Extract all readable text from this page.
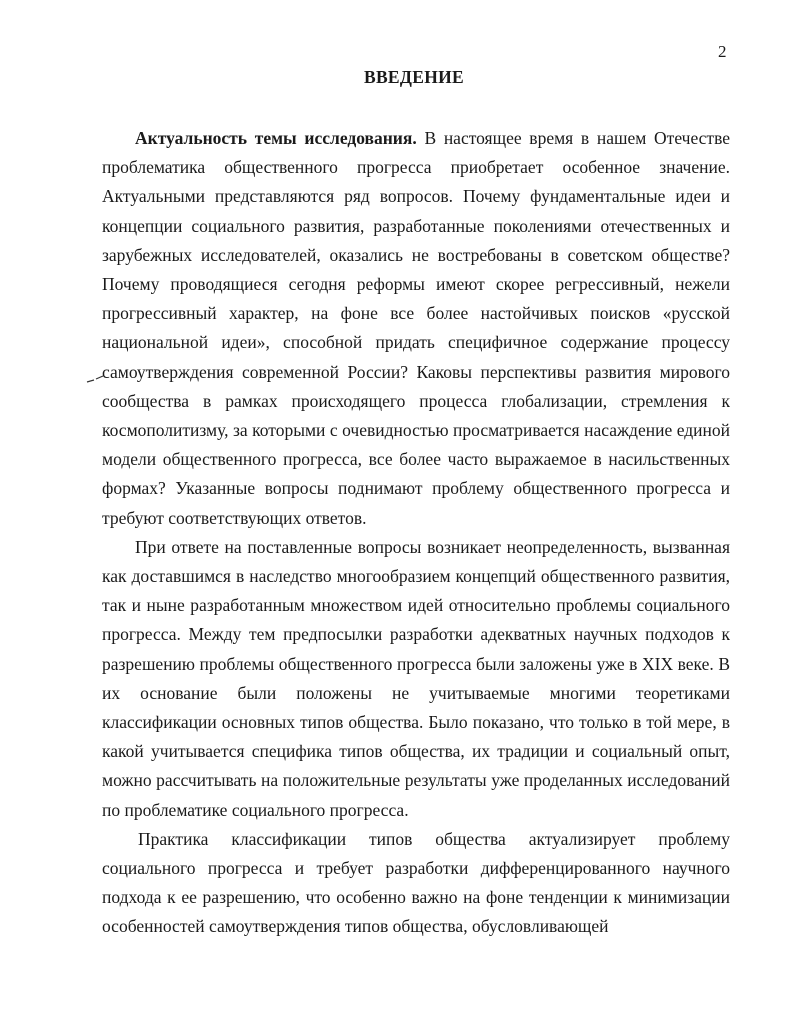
2
ВВЕДЕНИЕ

Актуальность темы исследования. В настоящее время в нашем Отечестве проблематика общественного прогресса приобретает особенное значение. Актуальными представляются ряд вопросов. Почему фундаментальные идеи и концепции социального развития, разработанные поколениями отечественных и зарубежных исследователей, оказались не востребованы в советском обществе? Почему проводящиеся сегодня реформы имеют скорее регрессивный, нежели прогрессивный характер, на фоне все более настойчивых поисков «русской национальной идеи», способной придать специфичное содержание процессу самоутверждения современной России? Каковы перспективы развития мирового сообщества в рамках происходящего процесса глобализации, стремления к космополитизму, за которыми с очевидностью просматривается насаждение единой модели общественного прогресса, все более часто выражаемое в насильственных формах? Указанные вопросы поднимают проблему общественного прогресса и требуют соответствующих ответов.

При ответе на поставленные вопросы возникает неопределенность, вызванная как доставшимся в наследство многообразием концепций общественного развития, так и ныне разработанным множеством идей относительно проблемы социального прогресса. Между тем предпосылки разработки адекватных научных подходов к разрешению проблемы общественного прогресса были заложены уже в XIX веке. В их основание были положены не учитываемые многими теоретиками классификации основных типов общества. Было показано, что только в той мере, в какой учитывается специфика типов общества, их традиции и социальный опыт, можно рассчитывать на положительные результаты уже проделанных исследований по проблематике социального прогресса.

Практика классификации типов общества актуализирует проблему социального прогресса и требует разработки дифференцированного научного подхода к ее разрешению, что особенно важно на фоне тенденции к минимизации особенностей самоутверждения типов общества, обусловливающей
